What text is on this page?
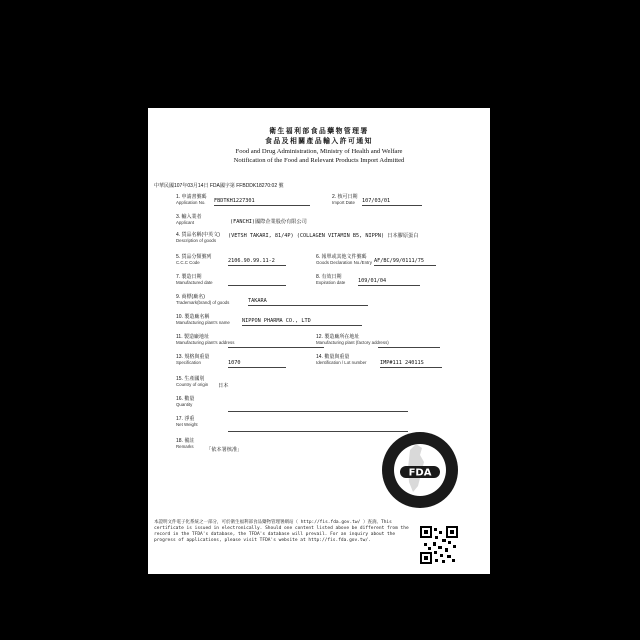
衛生福利部食品藥物管理署
食品及相關產品輸入許可通知
Food and Drug Administration, Ministry of Health and Welfare
Notification of the Food and Relevant Products Import Admitted
中華民國107年03月14日 FDA國字第 FFBDDK18270:02 號
1. 申請書號碼
Application No. FBDTKH1227301
2. 核可日期
Import Date	107/03/01
3. 輸入業者
Applicant	(FANCHI)國際企業股份有限公司
4. 貨品名稱(中英文)
Description of goods
(VETSH TAKARI, 81/4P) (COLLAGEN VITAMIN B5, NIPPN) 日本膠原蛋白
5. 貨品分類號列
C.C.C Code	2106.90.99.11-2
6. 報單或其他文件號碼
Goods Declaration No./Entry AF/BC/99/0111/75
7. 製造日期
Manufactured date
8. 有效日期
Expiration date 109/01/04
9. 商標(廠名)
Trademark(brand) of goods	TAKARA
10. 製造廠名稱
Manufacturing plant's name NIPPON PHARMA CO., LTD
11. 製造廠地址
Manufacturing plant's address
12. 製造廠所在地址
Manufacturing plant (factory address)
13. 規格與重量
Specification	1070
14. 數量與重量
Identification / Lot number	IMP#111 24011S
15. 生產國別
Country of origin 日本
16. 數量
Quantity
17. 淨重
Net Weight
18. 備註
Remarks
「依本署核准」
本證明文件電子化系統之一部分，可於衛生福利部食品藥物管理署網站（ http://fis.fda.gov.tw/ ）查詢。This certificate is issued in electronically. Should one content listed above be different from the record in the TFDA's database, the TFDA's database will prevail. For an inquiry about the progress of applications, please visit TFDA's website at http://fis.fda.gov.tw/.
FDA
